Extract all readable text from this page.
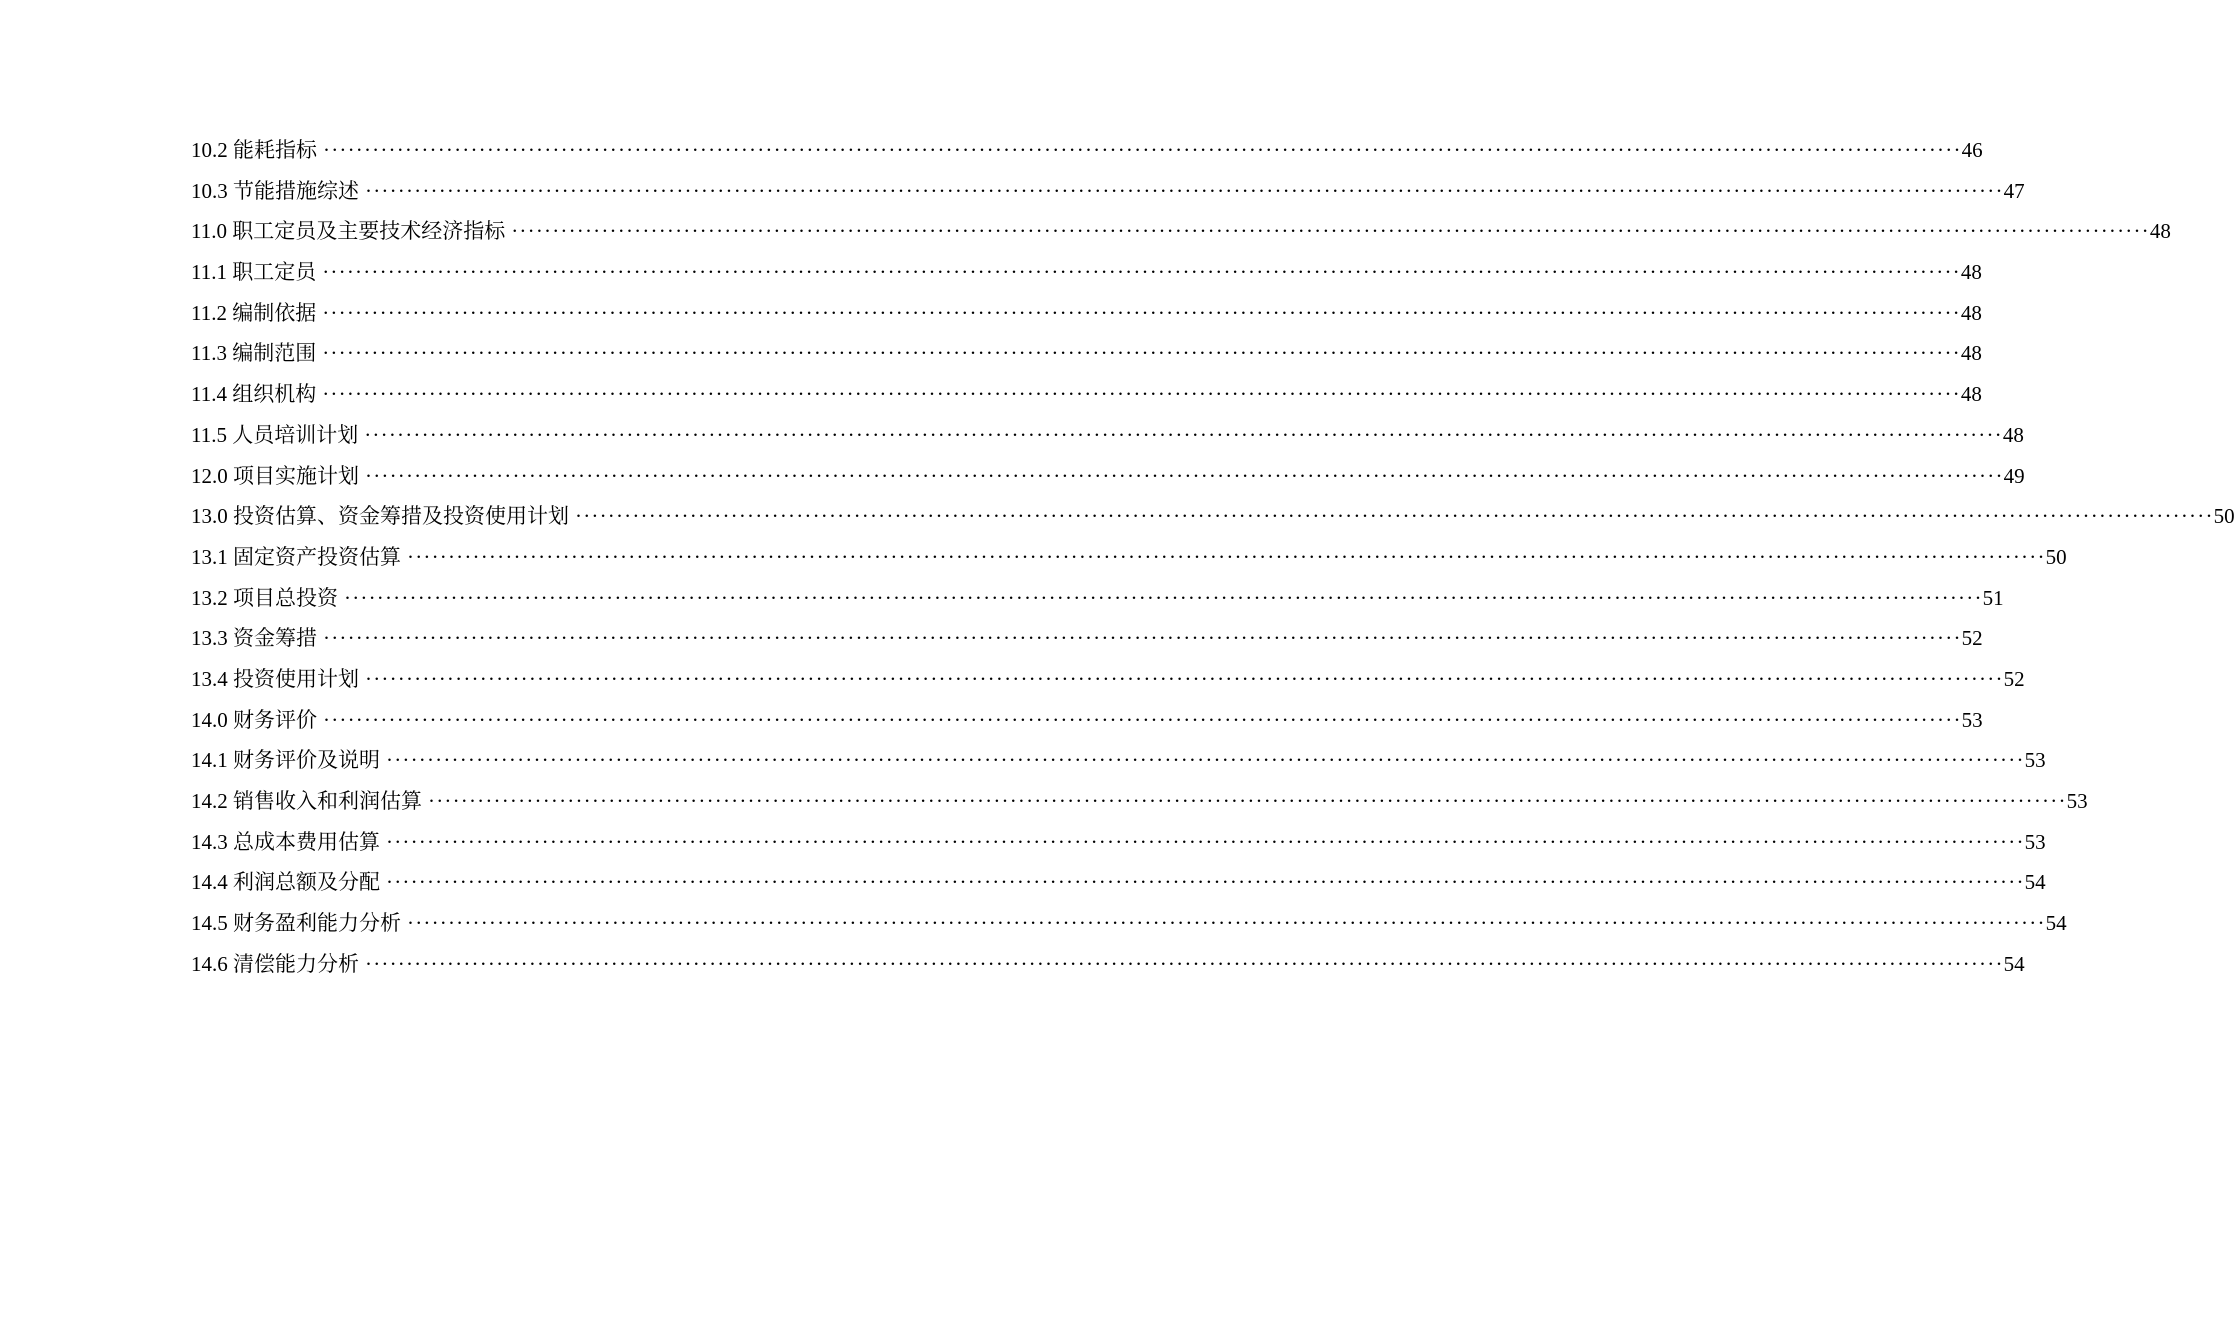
10.2 能耗指标 ········································································································································································································ 46
10.3 节能措施综述 ········································································································································································································ 47
11.0 职工定员及主要技术经济指标 ········································································································································································································ 48
11.1 职工定员 ········································································································································································································ 48
11.2 编制依据 ········································································································································································································ 48
11.3 编制范围 ········································································································································································································ 48
11.4 组织机构 ········································································································································································································ 48
11.5 人员培训计划 ········································································································································································································ 48
12.0 项目实施计划 ········································································································································································································ 49
13.0 投资估算、资金筹措及投资使用计划 ········································································································································································································ 50
13.1 固定资产投资估算 ········································································································································································································ 50
13.2 项目总投资 ········································································································································································································ 51
13.3 资金筹措 ········································································································································································································ 52
13.4 投资使用计划 ········································································································································································································ 52
14.0 财务评价 ········································································································································································································ 53
14.1 财务评价及说明 ········································································································································································································ 53
14.2 销售收入和利润估算 ········································································································································································································ 53
14.3 总成本费用估算 ········································································································································································································ 53
14.4 利润总额及分配 ········································································································································································································ 54
14.5 财务盈利能力分析 ········································································································································································································ 54
14.6 清偿能力分析 ········································································································································································································ 54
